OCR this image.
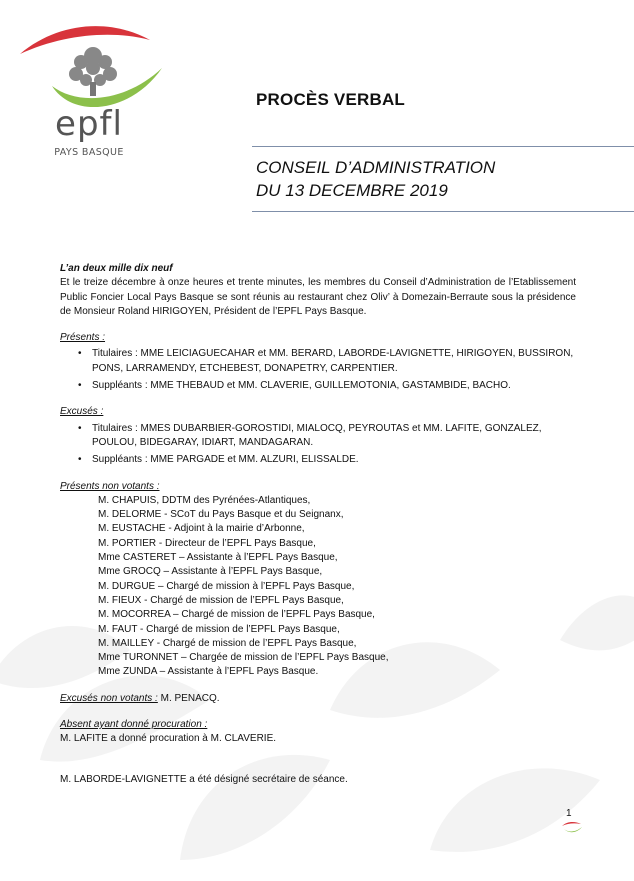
epfl
PAYS BASQUE
PROCÈS VERBAL
CONSEIL D’ADMINISTRATION
DU 13 DECEMBRE 2019

L’an deux mille dix neuf

Et le treize décembre à onze heures et trente minutes, les membres du Conseil d’Administration de l’Etablissement Public Foncier Local Pays Basque se sont réunis au restaurant chez Oliv’ à Domezain-Berraute sous la présidence de Monsieur Roland HIRIGOYEN, Président de l’EPFL Pays Basque.

Présents :

• Titulaires : MME LEICIAGUECAHAR et MM. BERARD, LABORDE-LAVIGNETTE, HIRIGOYEN, BUSSIRON, PONS, LARRAMENDY, ETCHEBEST, DONAPETRY, CARPENTIER.
• Suppléants : MME THEBAUD et MM. CLAVERIE, GUILLEMOTONIA, GASTAMBIDE, BACHO.

Excusés :

• Titulaires : MMES DUBARBIER-GOROSTIDI, MIALOCQ, PEYROUTAS et MM. LAFITE, GONZALEZ, POULOU, BIDEGARAY, IDIART, MANDAGARAN.
• Suppléants : MME PARGADE et MM. ALZURI, ELISSALDE.

Présents non votants :

M. CHAPUIS, DDTM des Pyrénées-Atlantiques,
M. DELORME - SCoT du Pays Basque et du Seignanx,
M. EUSTACHE - Adjoint à la mairie d’Arbonne,
M. PORTIER - Directeur de l’EPFL Pays Basque,
Mme CASTERET – Assistante à l’EPFL Pays Basque,
Mme GROCQ – Assistante à l’EPFL Pays Basque,
M. DURGUE – Chargé de mission à l’EPFL Pays Basque,
M. FIEUX - Chargé de mission de l’EPFL Pays Basque,
M. MOCORREA – Chargé de mission de l’EPFL Pays Basque,
M. FAUT - Chargé de mission de l’EPFL Pays Basque,
M. MAILLEY - Chargé de mission de l’EPFL Pays Basque,
Mme TURONNET – Chargée de mission de l’EPFL Pays Basque,
Mme ZUNDA – Assistante à l’EPFL Pays Basque.

Excusés non votants : M. PENACQ.

Absent ayant donné procuration :

M. LAFITE a donné procuration à M. CLAVERIE.

M. LABORDE-LAVIGNETTE a été désigné secrétaire de séance.

1
